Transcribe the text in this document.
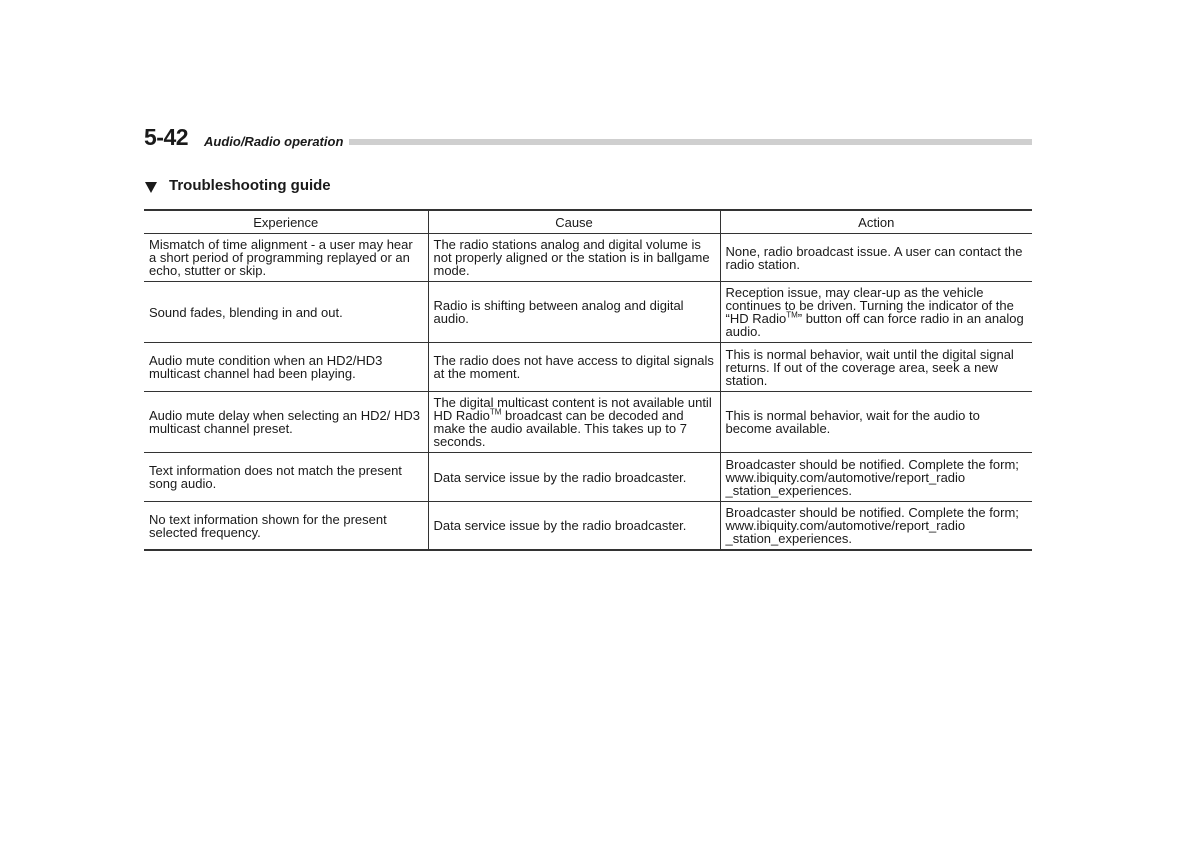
5-42 Audio/Radio operation
Troubleshooting guide
Experience	Cause	Action
Mismatch of time alignment - a user may hear a short period of programming replayed or an echo, stutter or skip.	The radio stations analog and digital volume is not properly aligned or the station is in ballgame mode.	None, radio broadcast issue. A user can contact the radio station.
Sound fades, blending in and out.	Radio is shifting between analog and digital audio.	Reception issue, may clear-up as the vehicle continues to be driven. Turning the indicator of the “HD Radio™” button off can force radio in an analog audio.
Audio mute condition when an HD2/HD3 multicast channel had been playing.	The radio does not have access to digital signals at the moment.	This is normal behavior, wait until the digital signal returns. If out of the coverage area, seek a new station.
Audio mute delay when selecting an HD2/ HD3 multicast channel preset.	The digital multicast content is not available until HD Radio™ broadcast can be decoded and make the audio available. This takes up to 7 seconds.	This is normal behavior, wait for the audio to become available.
Text information does not match the present song audio.	Data service issue by the radio broadcaster.	Broadcaster should be notified. Complete the form; www.ibiquity.com/automotive/report_radio _station_experiences.
No text information shown for the present selected frequency.	Data service issue by the radio broadcaster.	Broadcaster should be notified. Complete the form; www.ibiquity.com/automotive/report_radio _station_experiences.
